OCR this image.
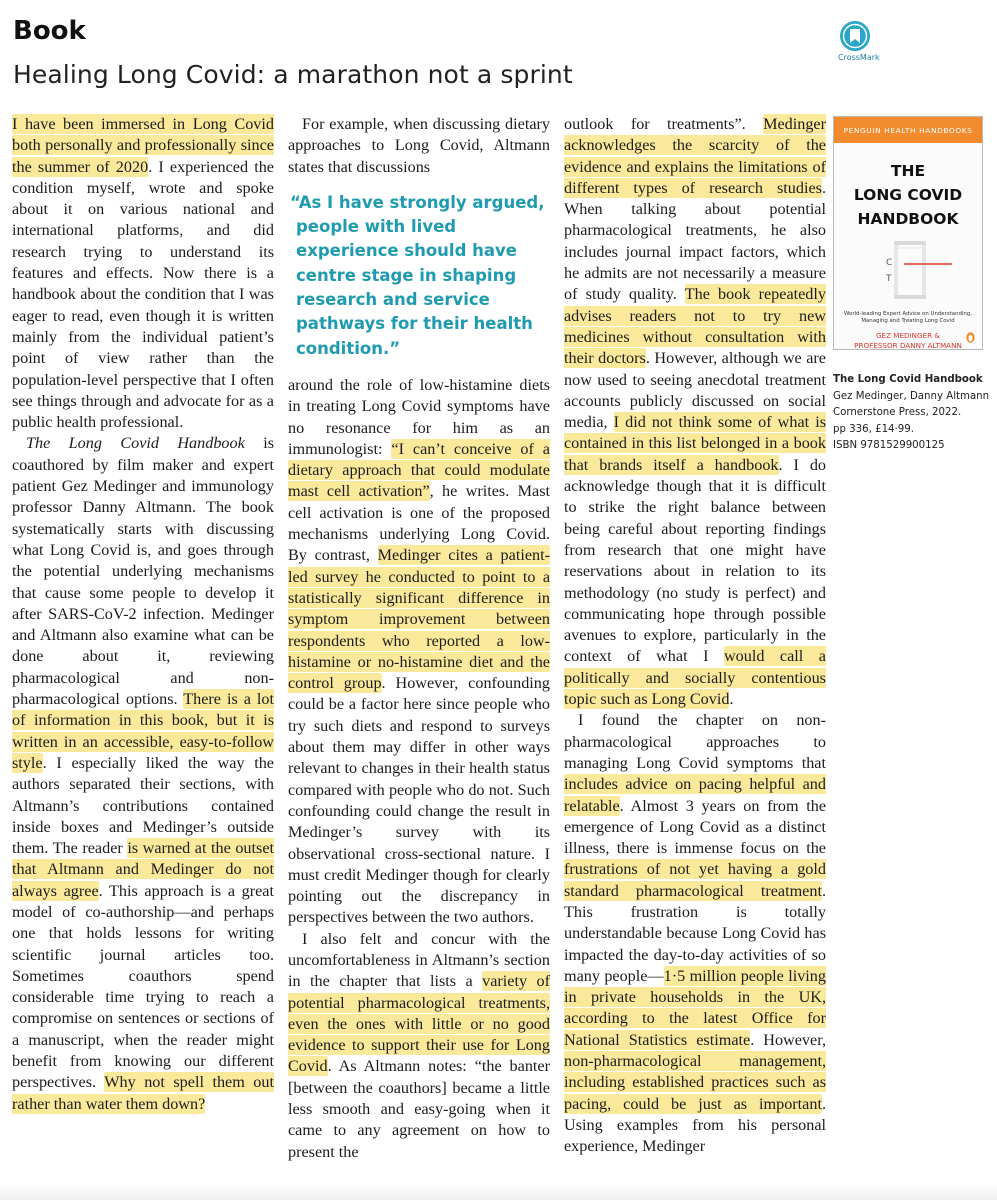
Book
Healing Long Covid: a marathon not a sprint
CrossMark

I have been immersed in Long Covid both personally and professionally since the summer of 2020. I experienced the condition myself, wrote and spoke about it on various national and international platforms, and did research trying to understand its features and effects. Now there is a handbook about the condition that I was eager to read, even though it is written mainly from the individual patient’s point of view rather than the population-level perspective that I often see things through and advocate for as a public health professional.

The Long Covid Handbook is coauthored by film maker and expert patient Gez Medinger and immunology professor Danny Altmann. The book systematically starts with discussing what Long Covid is, and goes through the potential underlying mechanisms that cause some people to develop it after SARS-CoV-2 infection. Medinger and Altmann also examine what can be done about it, reviewing pharmacological and non-pharmacological options. There is a lot of information in this book, but it is written in an accessible, easy-to-follow style. I especially liked the way the authors separated their sections, with Altmann’s contributions contained inside boxes and Medinger’s outside them. The reader is warned at the outset that Altmann and Medinger do not always agree. This approach is a great model of co-authorship—and perhaps one that holds lessons for writing scientific journal articles too. Sometimes coauthors spend considerable time trying to reach a compromise on sentences or sections of a manuscript, when the reader might benefit from knowing our different perspectives. Why not spell them out rather than water them down?

For example, when discussing dietary approaches to Long Covid, Altmann states that discussions

“As I have strongly argued, people with lived experience should have centre stage in shaping research and service pathways for their health condition.”

around the role of low-histamine diets in treating Long Covid symptoms have no resonance for him as an immunologist: “I can’t conceive of a dietary approach that could modulate mast cell activation”, he writes. Mast cell activation is one of the proposed mechanisms underlying Long Covid. By contrast, Medinger cites a patient-led survey he conducted to point to a statistically significant difference in symptom improvement between respondents who reported a low-histamine or no-histamine diet and the control group. However, confounding could be a factor here since people who try such diets and respond to surveys about them may differ in other ways relevant to changes in their health status compared with people who do not. Such confounding could change the result in Medinger’s survey with its observational cross-sectional nature. I must credit Medinger though for clearly pointing out the discrepancy in perspectives between the two authors.

I also felt and concur with the uncomfortableness in Altmann’s section in the chapter that lists a variety of potential pharmacological treatments, even the ones with little or no good evidence to support their use for Long Covid. As Altmann notes: “the banter [between the coauthors] became a little less smooth and easy-going when it came to any agreement on how to present the

outlook for treatments”. Medinger acknowledges the scarcity of the evidence and explains the limitations of different types of research studies. When talking about potential pharmacological treatments, he also includes journal impact factors, which he admits are not necessarily a measure of study quality. The book repeatedly advises readers not to try new medicines without consultation with their doctors. However, although we are now used to seeing anecdotal treatment accounts publicly discussed on social media, I did not think some of what is contained in this list belonged in a book that brands itself a handbook. I do acknowledge though that it is difficult to strike the right balance between being careful about reporting findings from research that one might have reservations about in relation to its methodology (no study is perfect) and communicating hope through possible avenues to explore, particularly in the context of what I would call a politically and socially contentious topic such as Long Covid.

I found the chapter on non-pharmacological approaches to managing Long Covid symptoms that includes advice on pacing helpful and relatable. Almost 3 years on from the emergence of Long Covid as a distinct illness, there is immense focus on the frustrations of not yet having a gold standard pharmacological treatment. This frustration is totally understandable because Long Covid has impacted the day-to-day activities of so many people—1·5 million people living in private households in the UK, according to the latest Office for National Statistics estimate. However, non-pharmacological management, including established practices such as pacing, could be just as important. Using examples from his personal experience, Medinger

PENGUIN HEALTH HANDBOOKS
THE
LONG COVID
HANDBOOK
C
T
World-leading Expert Advice on Understanding, Managing and Treating Long Covid
GEZ MEDINGER &
PROFESSOR DANNY ALTMANN
The Long Covid Handbook
Gez Medinger, Danny Altmann
Cornerstone Press, 2022.
pp 336, £14·99.
ISBN 9781529900125
